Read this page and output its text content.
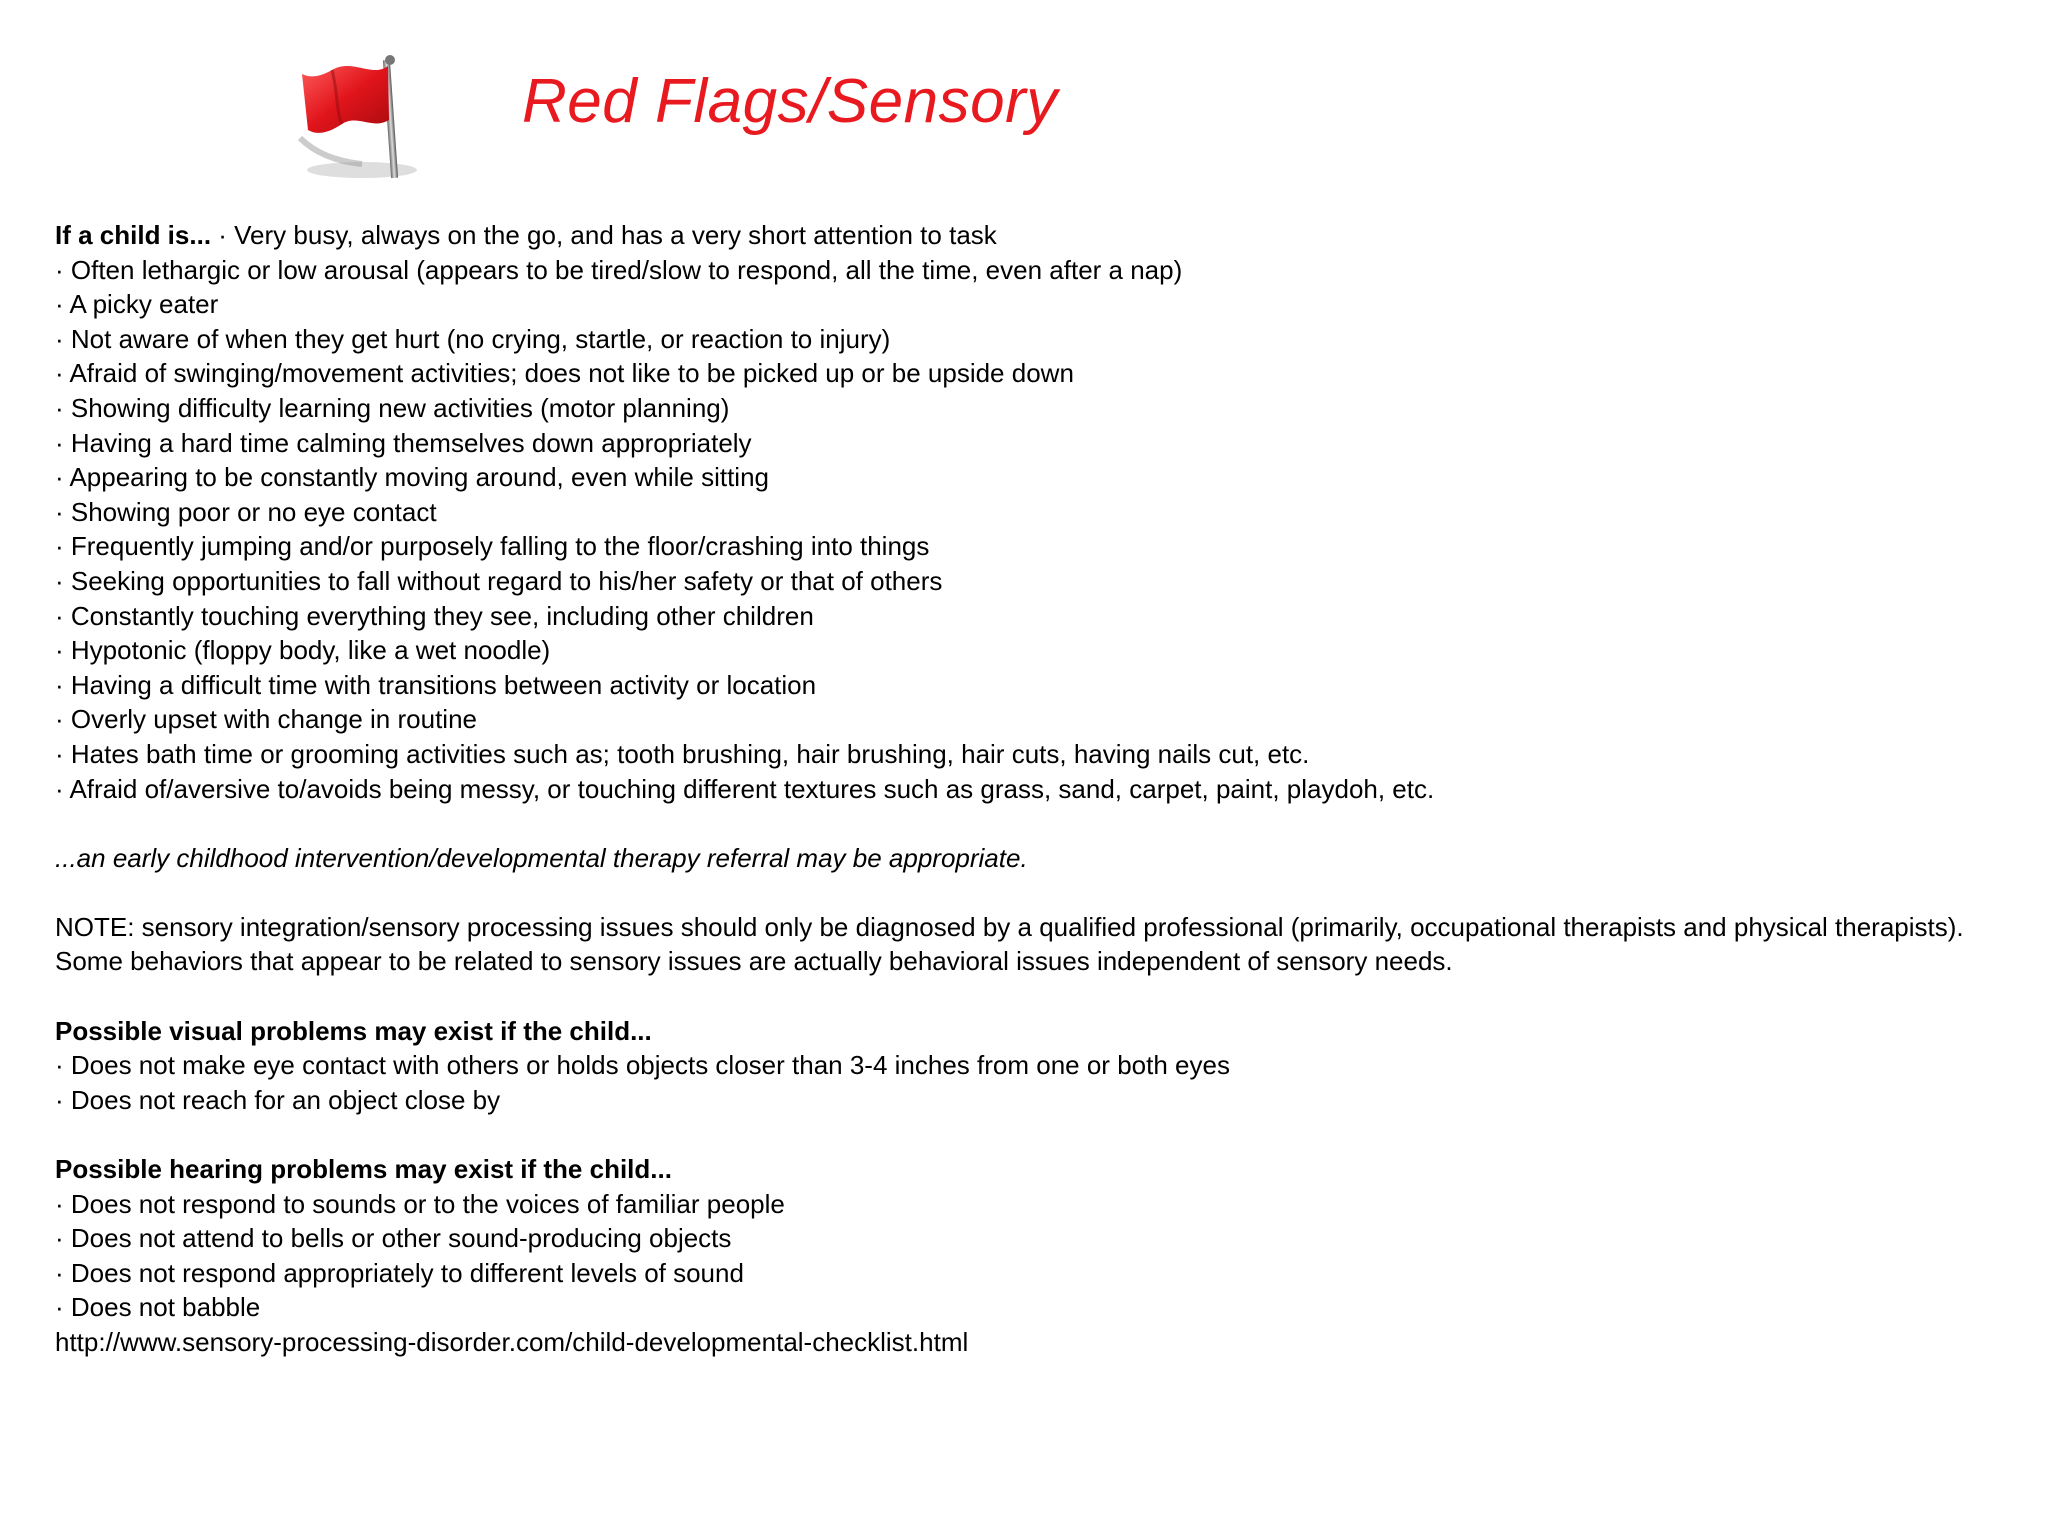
Red Flags/Sensory
If a child is... · Very busy, always on the go, and has a very short attention to task
· Often lethargic or low arousal (appears to be tired/slow to respond, all the time, even after a nap)
· A picky eater
· Not aware of when they get hurt (no crying, startle, or reaction to injury)
· Afraid of swinging/movement activities; does not like to be picked up or be upside down
· Showing difficulty learning new activities (motor planning)
· Having a hard time calming themselves down appropriately
· Appearing to be constantly moving around, even while sitting
· Showing poor or no eye contact
· Frequently jumping and/or purposely falling to the floor/crashing into things
· Seeking opportunities to fall without regard to his/her safety or that of others
· Constantly touching everything they see, including other children
· Hypotonic (floppy body, like a wet noodle)
· Having a difficult time with transitions between activity or location
· Overly upset with change in routine
· Hates bath time or grooming activities such as; tooth brushing, hair brushing, hair cuts, having nails cut, etc.
· Afraid of/aversive to/avoids being messy, or touching different textures such as grass, sand, carpet, paint, playdoh, etc.
...an early childhood intervention/developmental therapy referral may be appropriate.
NOTE: sensory integration/sensory processing issues should only be diagnosed by a qualified professional (primarily, occupational therapists and physical therapists).
Some behaviors that appear to be related to sensory issues are actually behavioral issues independent of sensory needs.
Possible visual problems may exist if the child...
· Does not make eye contact with others or holds objects closer than 3-4 inches from one or both eyes
· Does not reach for an object close by
Possible hearing problems may exist if the child...
· Does not respond to sounds or to the voices of familiar people
· Does not attend to bells or other sound-producing objects
· Does not respond appropriately to different levels of sound
· Does not babble
http://www.sensory-processing-disorder.com/child-developmental-checklist.html
